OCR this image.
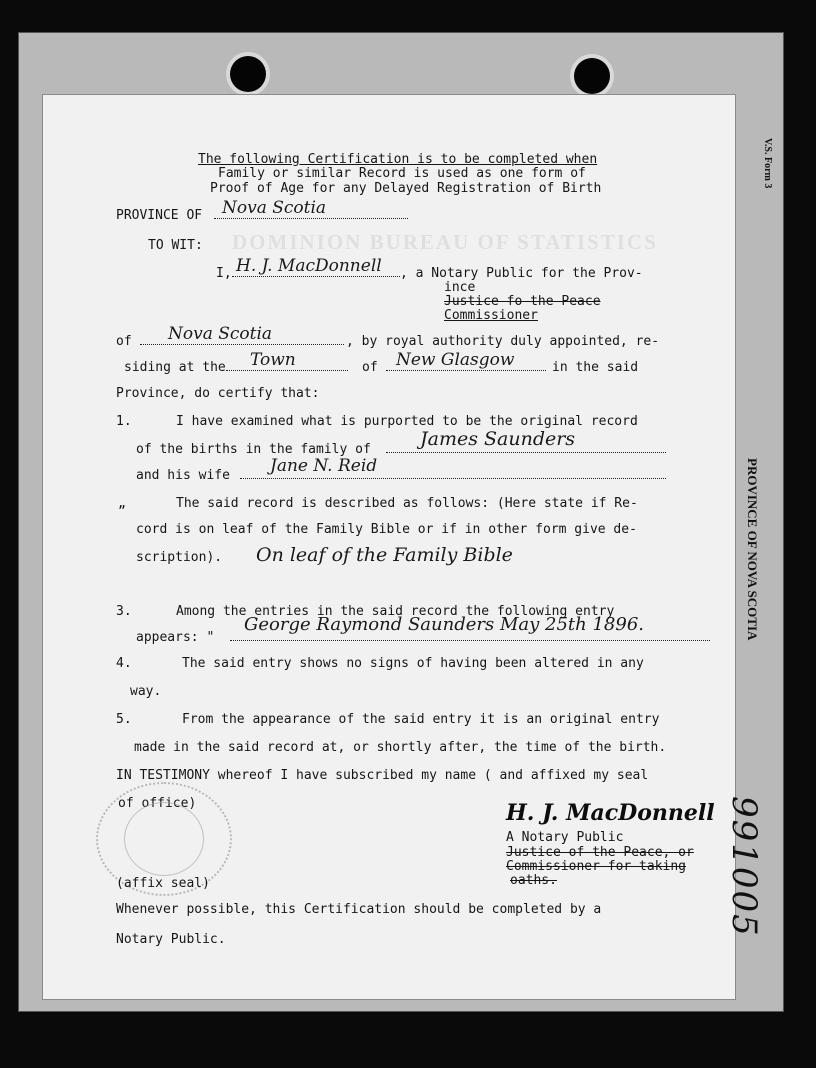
V.S. Form 3
PROVINCE OF NOVA SCOTIA
DOMINION BUREAU OF STATISTICS
The following Certification is to be completed when
Family or similar Record is used as one form of
Proof of Age for any Delayed Registration of Birth
PROVINCE OF Nova Scotia
TO WIT:
I, H. J. MacDonnell , a Notary Public for the Prov-
ince
Justice fo the Peace
Commissioner
of Nova Scotia	, by royal authority duly appointed, re-
siding at the Town	of New Glasgow	in the said
Province, do certify that:
1.	I have examined what is purported to be the original record
of the births in the family of	James Saunders
and his wife Jane N. Reid
„	The said record is described as follows: (Here state if Re-
cord is on leaf of the Family Bible or if in other form give de-
scription). On leaf of the Family Bible
3.	Among the entries in the said record the following entry
appears: "
George Raymond Saunders May 25th 1896.
4.	The said entry shows no signs of having been altered in any
way.
5.	From the appearance of the said entry it is an original entry
made in the said record at, or shortly after, the time of the birth.
IN TESTIMONY whereof I have subscribed my name ( and affixed my seal
of office)	H. J. MacDonnell
A Notary Public
Justice of the Peace, or
Commissioner for taking
oaths.
(affix seal)
Whenever possible, this Certification should be completed by a
Notary Public.
991005
